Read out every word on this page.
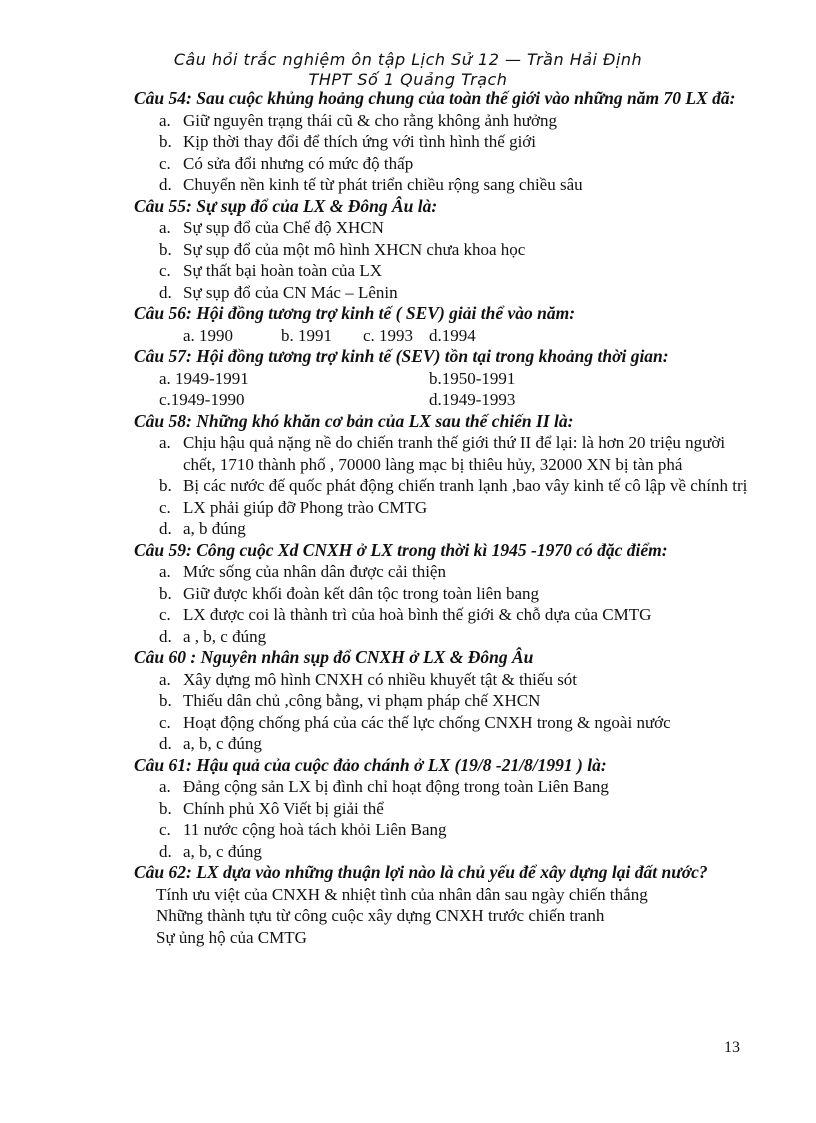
Câu hỏi trắc nghiệm ôn tập Lịch Sử 12 — Trần Hải Định
THPT Số 1 Quảng Trạch

Câu 54: Sau cuộc khủng hoảng chung của toàn thế giới vào những năm 70 LX đã:

a. Giữ nguyên trạng thái cũ & cho rằng không ảnh hưởng
b. Kịp thời thay đổi để thích ứng với tình hình thế giới
c. Có sửa đổi nhưng có mức độ thấp
d. Chuyển nền kinh tế từ phát triển chiều rộng sang chiều sâu

Câu 55: Sự sụp đổ của LX & Đông Âu là:

a. Sự sụp đổ của Chế độ XHCN
b. Sự sụp đổ của một mô hình XHCN chưa khoa học
c. Sự thất bại hoàn toàn của LX
d. Sự sụp đổ của CN Mác – Lênin

Câu 56: Hội đồng tương trợ kinh tế ( SEV) giải thể vào năm:

a. 1990	b. 1991 c. 1993 d.1994

Câu 57: Hội đồng tương trợ kinh tế (SEV) tồn tại trong khoảng thời gian:

a. 1949-1991	b.1950-1991
c.1949-1990	d.1949-1993

Câu 58: Những khó khăn cơ bản của LX sau thế chiến II là:

a. Chịu hậu quả nặng nề do chiến tranh thế giới thứ II để lại: là hơn 20 triệu người chết, 1710 thành phố , 70000 làng mạc bị thiêu hủy, 32000 XN bị tàn phá
b. Bị các nước đế quốc phát động chiến tranh lạnh ,bao vây kinh tế cô lập về chính trị
c. LX phải giúp đỡ Phong trào CMTG
d. a, b đúng

Câu 59: Công cuộc Xd CNXH ở LX trong thời kì 1945 -1970 có đặc điểm:

a. Mức sống của nhân dân được cải thiện
b. Giữ được khối đoàn kết dân tộc trong toàn liên bang
c. LX được coi là thành trì của hoà bình thế giới & chỗ dựa của CMTG
d. a , b, c đúng

Câu 60 : Nguyên nhân sụp đổ CNXH ở LX & Đông Âu

a. Xây dựng mô hình CNXH có nhiều khuyết tật & thiếu sót
b. Thiếu dân chủ ,công bằng, vi phạm pháp chế XHCN
c. Hoạt động chống phá của các thế lực chống CNXH trong & ngoài nước
d. a, b, c đúng

Câu 61: Hậu quả của cuộc đảo chánh ở LX (19/8 -21/8/1991 ) là:

a. Đảng cộng sản LX bị đình chỉ hoạt động trong toàn Liên Bang
b. Chính phủ Xô Viết bị giải thể
c. 11 nước cộng hoà tách khỏi Liên Bang
d. a, b, c đúng

Câu 62: LX dựa vào những thuận lợi nào là chủ yếu để xây dựng lại đất nước?

Tính ưu việt của CNXH & nhiệt tình của nhân dân sau ngày chiến thắng

Những thành tựu từ công cuộc xây dựng CNXH trước chiến tranh

Sự ủng hộ của CMTG

13
